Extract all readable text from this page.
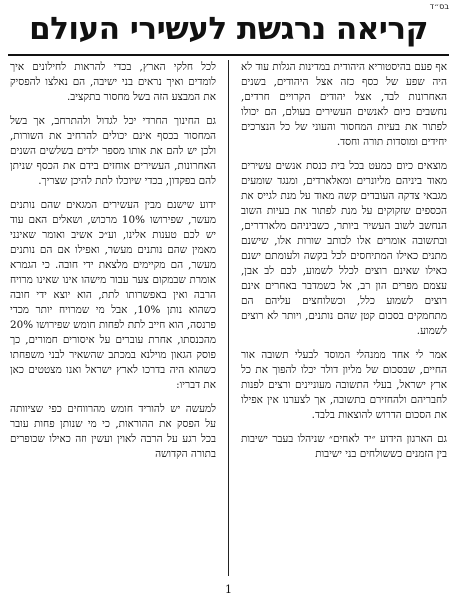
בס״ד
קריאה נרגשת לעשירי העולם

אף פעם בהיסטוריא היהודית במדינות הגלות עוד לא היה שפע של כסף כזה אצל היהודים, בשנים האחרונות לבד, אצל יהודים הקרויים חרדים, נחשבים כיום לאנשים העשירים בעולם, הם יכולו לפתור את בעיות המחסור והעוני של כל הנצרכים יחידים ומוסדות תורה וחסד.

מוצאים כיום כמעט בכל בית כנסת אנשים עשירים מאוד ביניהם מליונרים ומאלארדים, ומנגד שומעים מגבאי צדקה העובדים קשה מאוד על מנת לגייס את הכספים שזקוקים על מנת לפתור את בעיות השוב הנחשב לשוב העשיר ביותר, כשביניהם מלארדרים, ובתשובה אומרים אלו לכותב שורות אלו, שישנם מתנים כאילו המתיחסים לכל בקשה ולעומתם ישנם כאילו שאינם רוצים לכלל לשמוע, לכם לב אבן, עצמם מפרים הון רב, אל כשמדבר באחרים אינם רוצים לשמוע כלל, וכשלוחצים עליהם הם מתחמקים בסכום קטן שהם נותנים, ויותר לא רוצים לשמוע.

אמר לי אחד ממנהלי המוסד לבעלי תשובה אור החיים, שבסכום של מליון דולר יכלו להפוך את כל ארץ ישראל, בעלי התשובה מעוניינים ורצים לפנות לחבריהם ולהחזירם בתשובה, אך לצערנו אין אפילו את הסכום הדרוש להוצאות בלבד.

גם הארגון הידוע ״יד לאחים״ שניהלו בעבר ישיבות בין הזמנים כששולחים בני ישיבות

לכל חלקי הארץ, בכדי להראות לחילונים איך לומדים ואיך נראים בני ישיבה, הם נאלצו להפסיק את המבצע הזה בשל מחסור בתקציב.

גם החינוך החרדי יכל לגדול ולהתרחב, אך בשל המחסור בכסף אינם יכולים להרחיב את השורות, ולכן יש להם את אותו מספר ילדים בשלשים השנים האחרונות, העשירים אוחזים בידם את הכסף שניתן להם בפקדון, בכדי שיוכלו לתת להיכן שצריך.

ידוע שישנם מבין העשירים המגאים שהם נותנים מעשר, שפירושו 10% מרכוש, ושאלים האם עוד יש לכם טענות אלינו, וע״כ אשיב ואומר שאינני מאמין שהם נותנים מעשר, ואפילו אם הם נותנים מעשר, הם מקיימים מלצאת ידי חובה. כי הגמרא אומרת שבמקום צער עבור מישהו אינו שאינו מרויח הרבה ואין באפשרותו לתת, הוא יוצא ידי חובה כשהוא נותן 10%, אבל מי שמרויח יותר מכדי פרנסה, הוא חייב לתת לפחות חומש שפירושו 20% מהכנסתו, אחרת עוברים על איסורים חמורים, כך פוסק הגאון מוילנא במכתב שהשאיר לבני משפחתו כשהוא היה בדרכו לארץ ישראל ואנו מצטטים כאן את דבריו:

למעשה יש להוריד חומש מהרווחים כפי שציוותה על הפסק את ההוראות, כי מי שנותן פחות עובר בכל רגע על הרבה לאוין ועשין וזה כאילו שכופרים בתורה הקדושה

1
